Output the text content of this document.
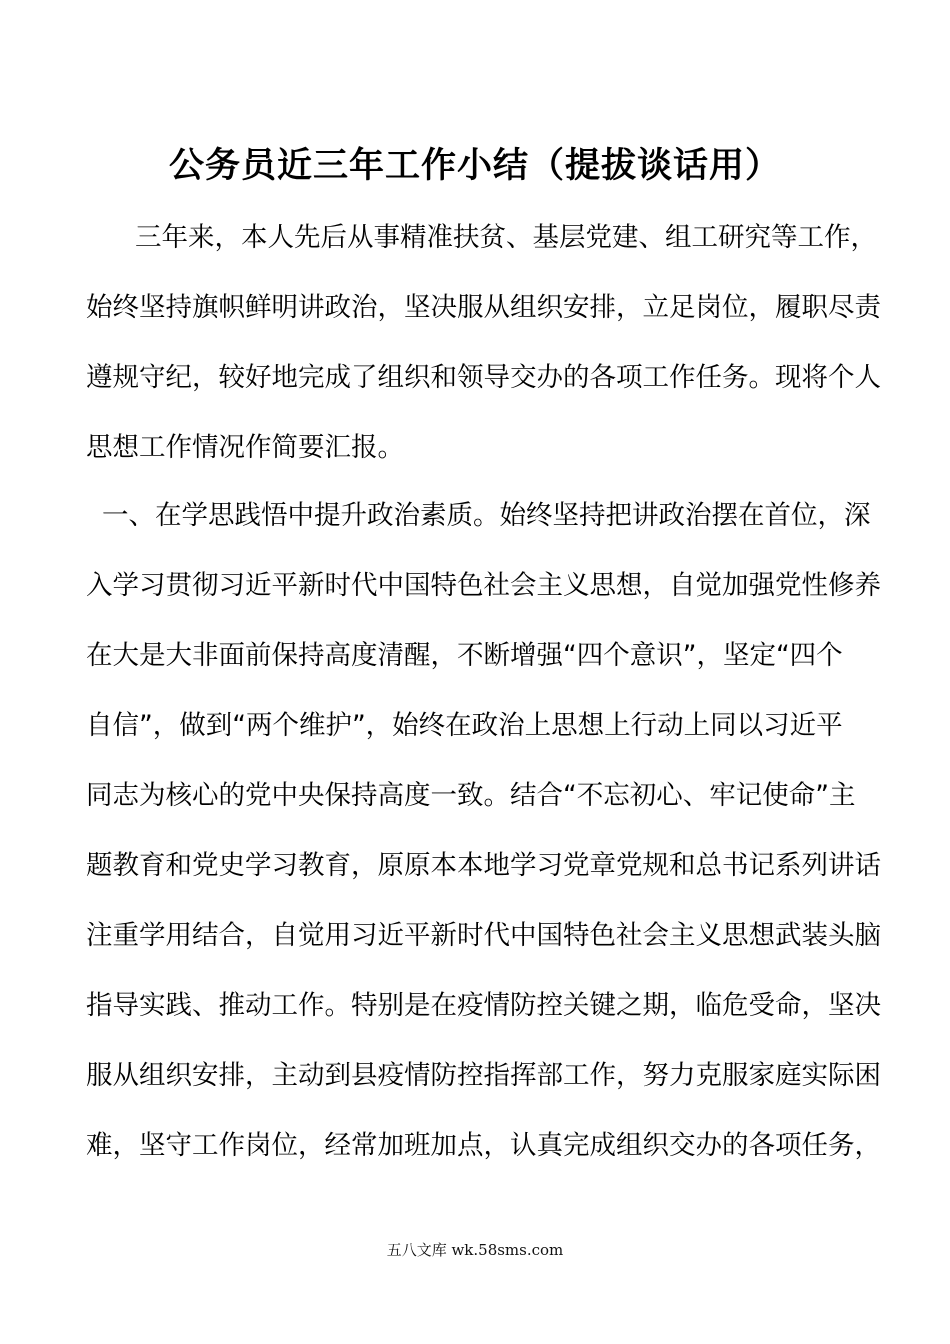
公务员近三年工作小结（提拔谈话用）
三年来，本人先后从事精准扶贫、基层党建、组工研究等工作，
始终坚持旗帜鲜明讲政治，坚决服从组织安排，立足岗位，履职尽责
遵规守纪，较好地完成了组织和领导交办的各项工作任务。现将个人
思想工作情况作简要汇报。
一、在学思践悟中提升政治素质。始终坚持把讲政治摆在首位，深
入学习贯彻习近平新时代中国特色社会主义思想，自觉加强党性修养
在大是大非面前保持高度清醒，不断增强“四个意识”，坚定“四个
自信”，做到“两个维护”，始终在政治上思想上行动上同以习近平
同志为核心的党中央保持高度一致。结合“不忘初心、牢记使命”主
题教育和党史学习教育，原原本本地学习党章党规和总书记系列讲话
注重学用结合，自觉用习近平新时代中国特色社会主义思想武装头脑
指导实践、推动工作。特别是在疫情防控关键之期，临危受命，坚决
服从组织安排，主动到县疫情防控指挥部工作，努力克服家庭实际困
难，坚守工作岗位，经常加班加点，认真完成组织交办的各项任务，
五八文库 wk.58sms.com
